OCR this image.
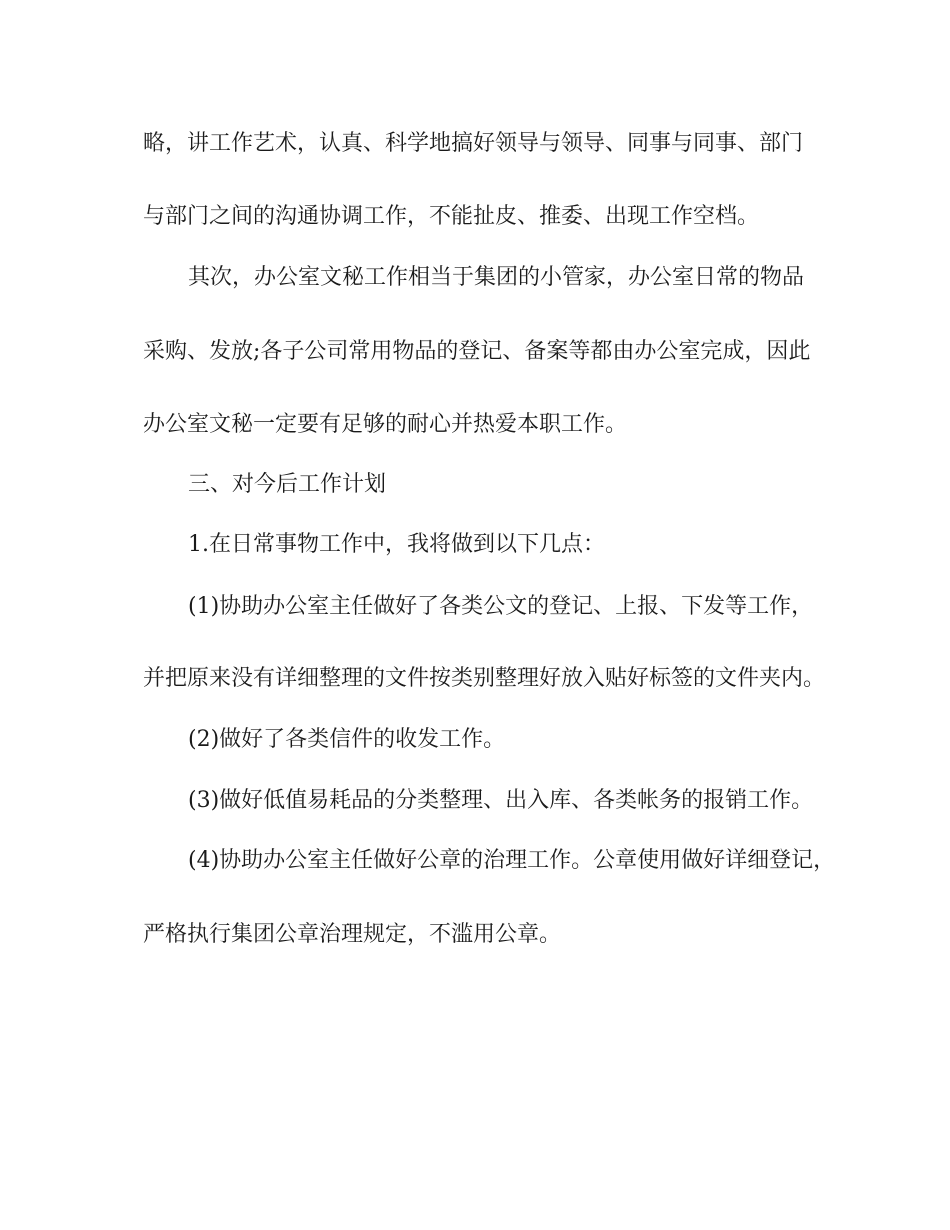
略，讲工作艺术，认真、科学地搞好领导与领导、同事与同事、部门
与部门之间的沟通协调工作，不能扯皮、推委、出现工作空档。
其次，办公室文秘工作相当于集团的小管家，办公室日常的物品
采购、发放;各子公司常用物品的登记、备案等都由办公室完成，因此
办公室文秘一定要有足够的耐心并热爱本职工作。
三、对今后工作计划
1.在日常事物工作中，我将做到以下几点：
(1)协助办公室主任做好了各类公文的登记、上报、下发等工作，
并把原来没有详细整理的文件按类别整理好放入贴好标签的文件夹内。
(2)做好了各类信件的收发工作。
(3)做好低值易耗品的分类整理、出入库、各类帐务的报销工作。
(4)协助办公室主任做好公章的治理工作。公章使用做好详细登记，
严格执行集团公章治理规定，不滥用公章。
